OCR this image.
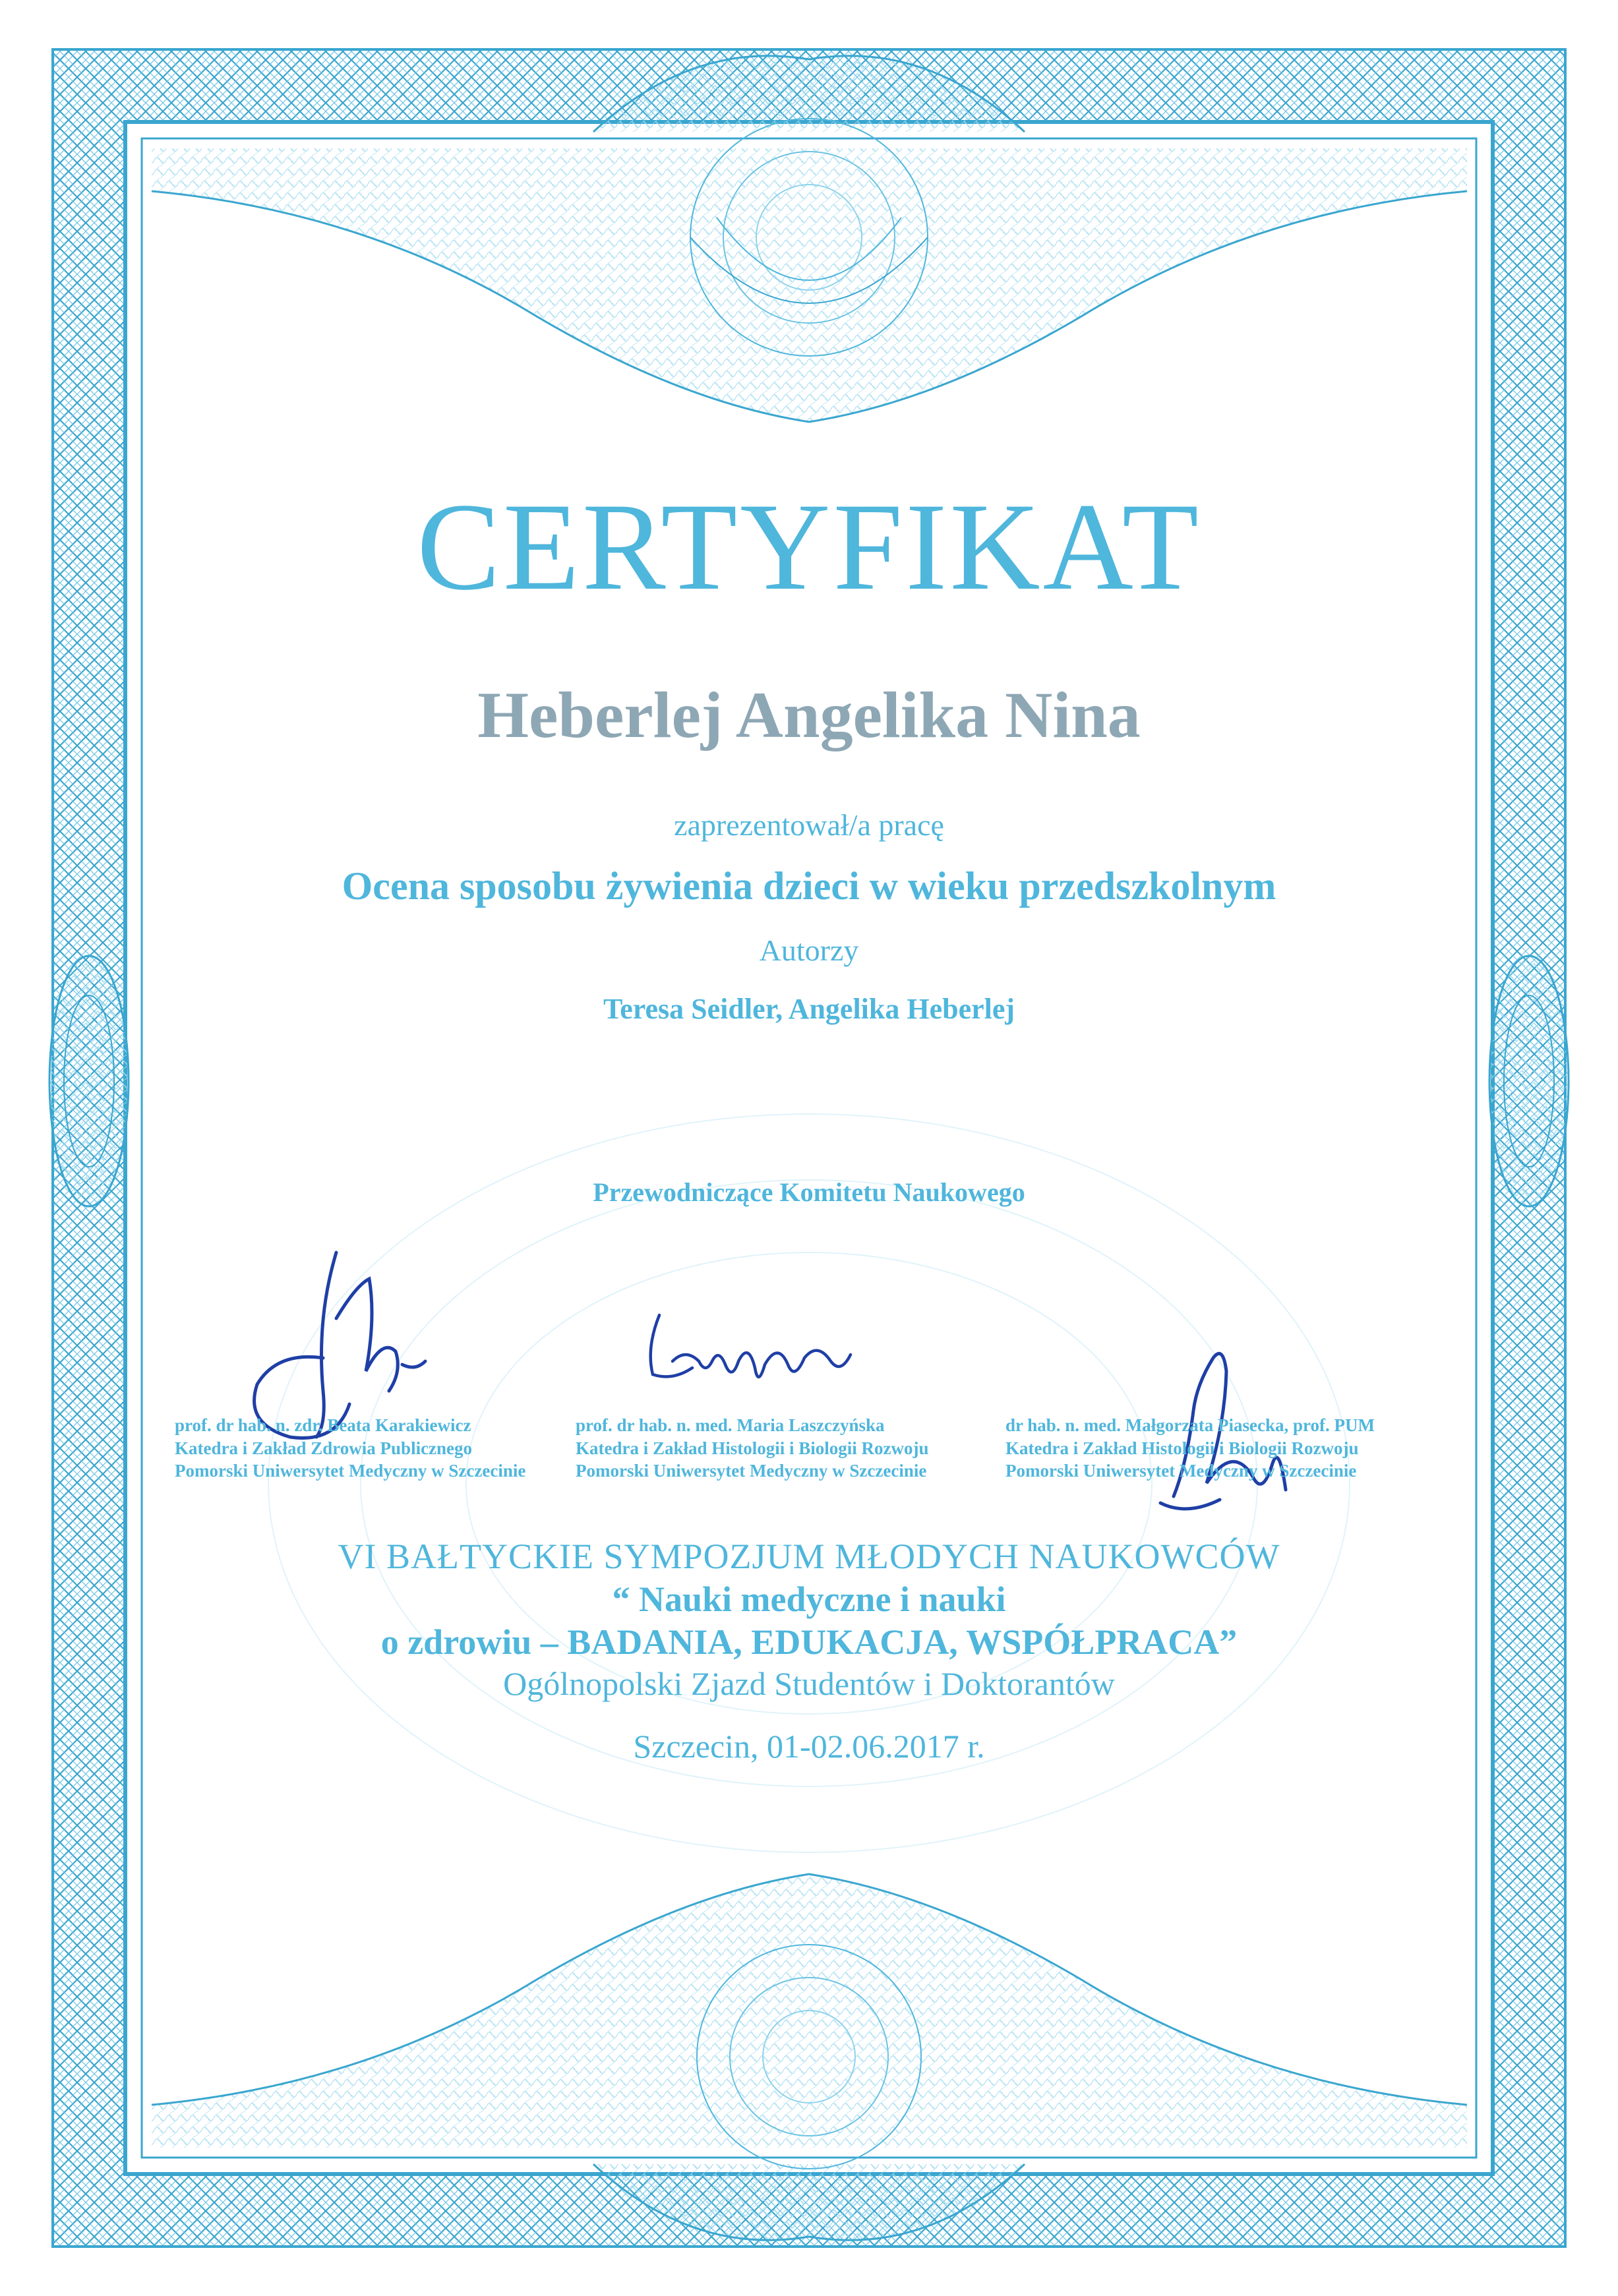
CERTYFIKAT
Heberlej Angelika Nina
zaprezentował/a pracę
Ocena sposobu żywienia dzieci w wieku przedszkolnym
Autorzy
Teresa Seidler, Angelika Heberlej
Przewodniczące Komitetu Naukowego
prof. dr hab. n. zdr. Beata Karakiewicz
Katedra i Zakład Zdrowia Publicznego
Pomorski Uniwersytet Medyczny w Szczecinie
prof. dr hab. n. med. Maria Laszczyńska
Katedra i Zakład Histologii i Biologii Rozwoju
Pomorski Uniwersytet Medyczny w Szczecinie
dr hab. n. med. Małgorzata Piasecka, prof. PUM
Katedra i Zakład Histologii i Biologii Rozwoju
Pomorski Uniwersytet Medyczny w Szczecinie
VI BAŁTYCKIE SYMPOZJUM MŁODYCH NAUKOWCÓW
“ Nauki medyczne i nauki
o zdrowiu – BADANIA, EDUKACJA, WSPÓŁPRACA”
Ogólnopolski Zjazd Studentów i Doktorantów
Szczecin, 01-02.06.2017 r.
